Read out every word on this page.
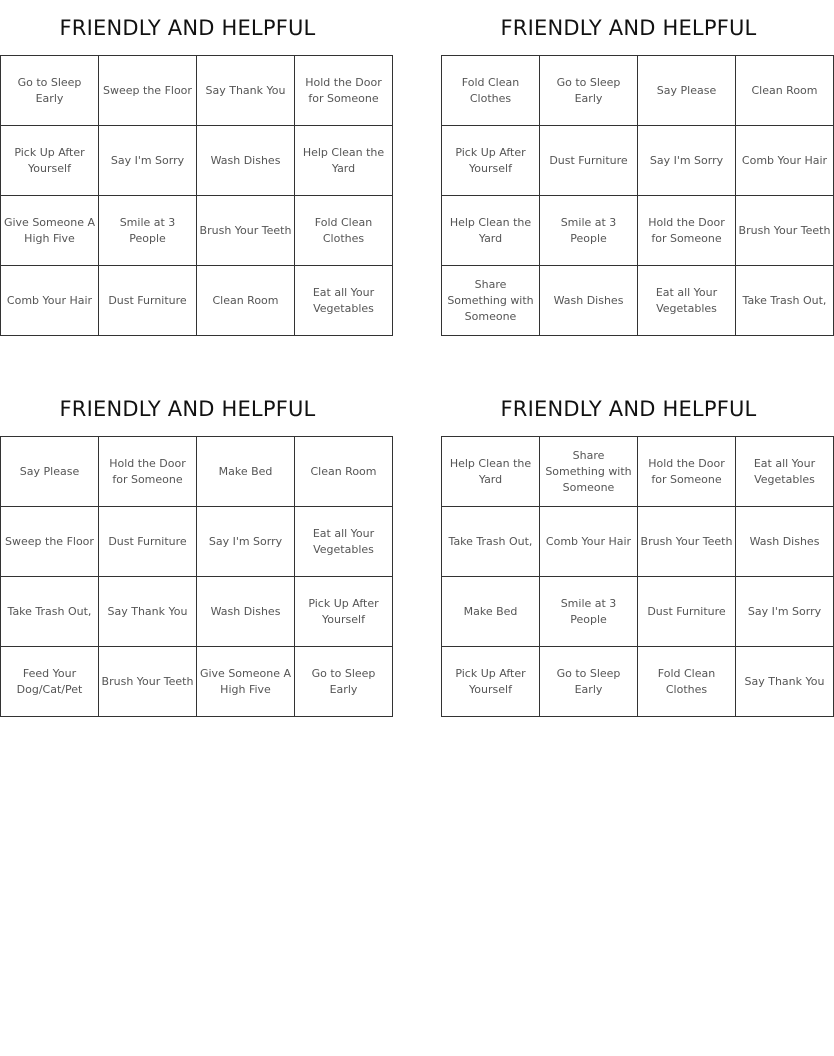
FRIENDLY AND HELPFUL
Go to Sleep Early	Sweep the Floor	Say Thank You	Hold the Door for Someone
Pick Up After Yourself	Say I'm Sorry	Wash Dishes	Help Clean the Yard
Give Someone A High Five	Smile at 3 People	Brush Your Teeth	Fold Clean Clothes
Comb Your Hair	Dust Furniture	Clean Room	Eat all Your Vegetables
FRIENDLY AND HELPFUL
Fold Clean Clothes	Go to Sleep Early	Say Please	Clean Room
Pick Up After Yourself	Dust Furniture	Say I'm Sorry	Comb Your Hair
Help Clean the Yard	Smile at 3 People	Hold the Door for Someone	Brush Your Teeth
Share Something with Someone	Wash Dishes	Eat all Your Vegetables	Take Trash Out,
FRIENDLY AND HELPFUL
Say Please	Hold the Door for Someone	Make Bed	Clean Room
Sweep the Floor	Dust Furniture	Say I'm Sorry	Eat all Your Vegetables
Take Trash Out,	Say Thank You	Wash Dishes	Pick Up After Yourself
Feed Your Dog/Cat/Pet	Brush Your Teeth	Give Someone A High Five	Go to Sleep Early
FRIENDLY AND HELPFUL
Help Clean the Yard	Share Something with Someone	Hold the Door for Someone	Eat all Your Vegetables
Take Trash Out,	Comb Your Hair	Brush Your Teeth	Wash Dishes
Make Bed	Smile at 3 People	Dust Furniture	Say I'm Sorry
Pick Up After Yourself	Go to Sleep Early	Fold Clean Clothes	Say Thank You
